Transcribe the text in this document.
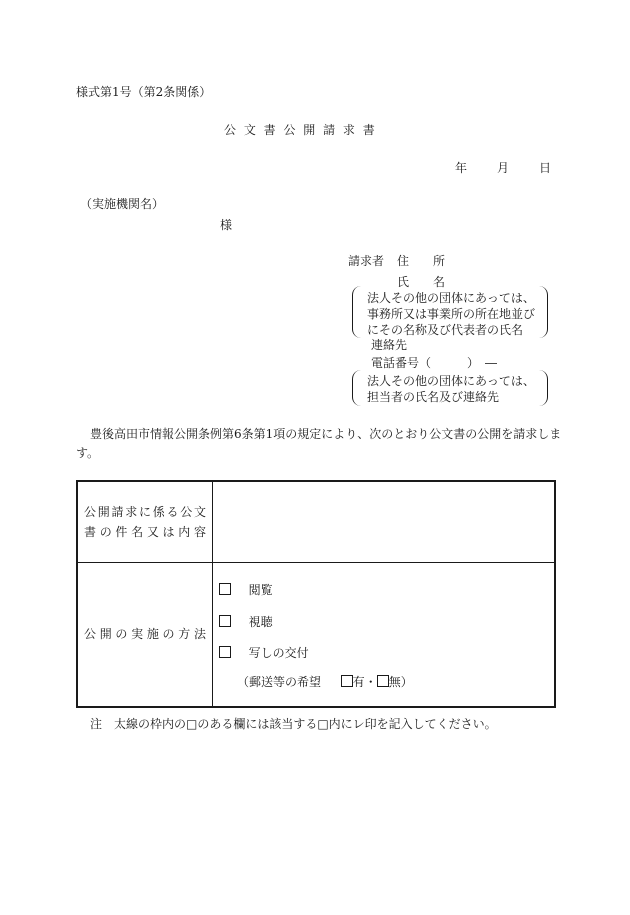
様式第1号（第2条関係）
公 文 書 公 開 請 求 書
年	月	日
（実施機関名）
様
請求者 住　　所
氏　　名
法人その他の団体にあっては、
事務所又は事業所の所在地並び
にその名称及び代表者の氏名
連絡先
電話番号（　　　）　―
法人その他の団体にあっては、
担当者の氏名及び連絡先
豊後高田市情報公開条例第6条第1項の規定により、次のとおり公文書の公開を請求しま
す。
公開請求に係る公文
書の件名又は内容	

公開の実施の方法	閲覧
視聴
写しの交付
（郵送等の希望 有・ 無）
注　太線の枠内の□のある欄には該当する□内にレ印を記入してください。
